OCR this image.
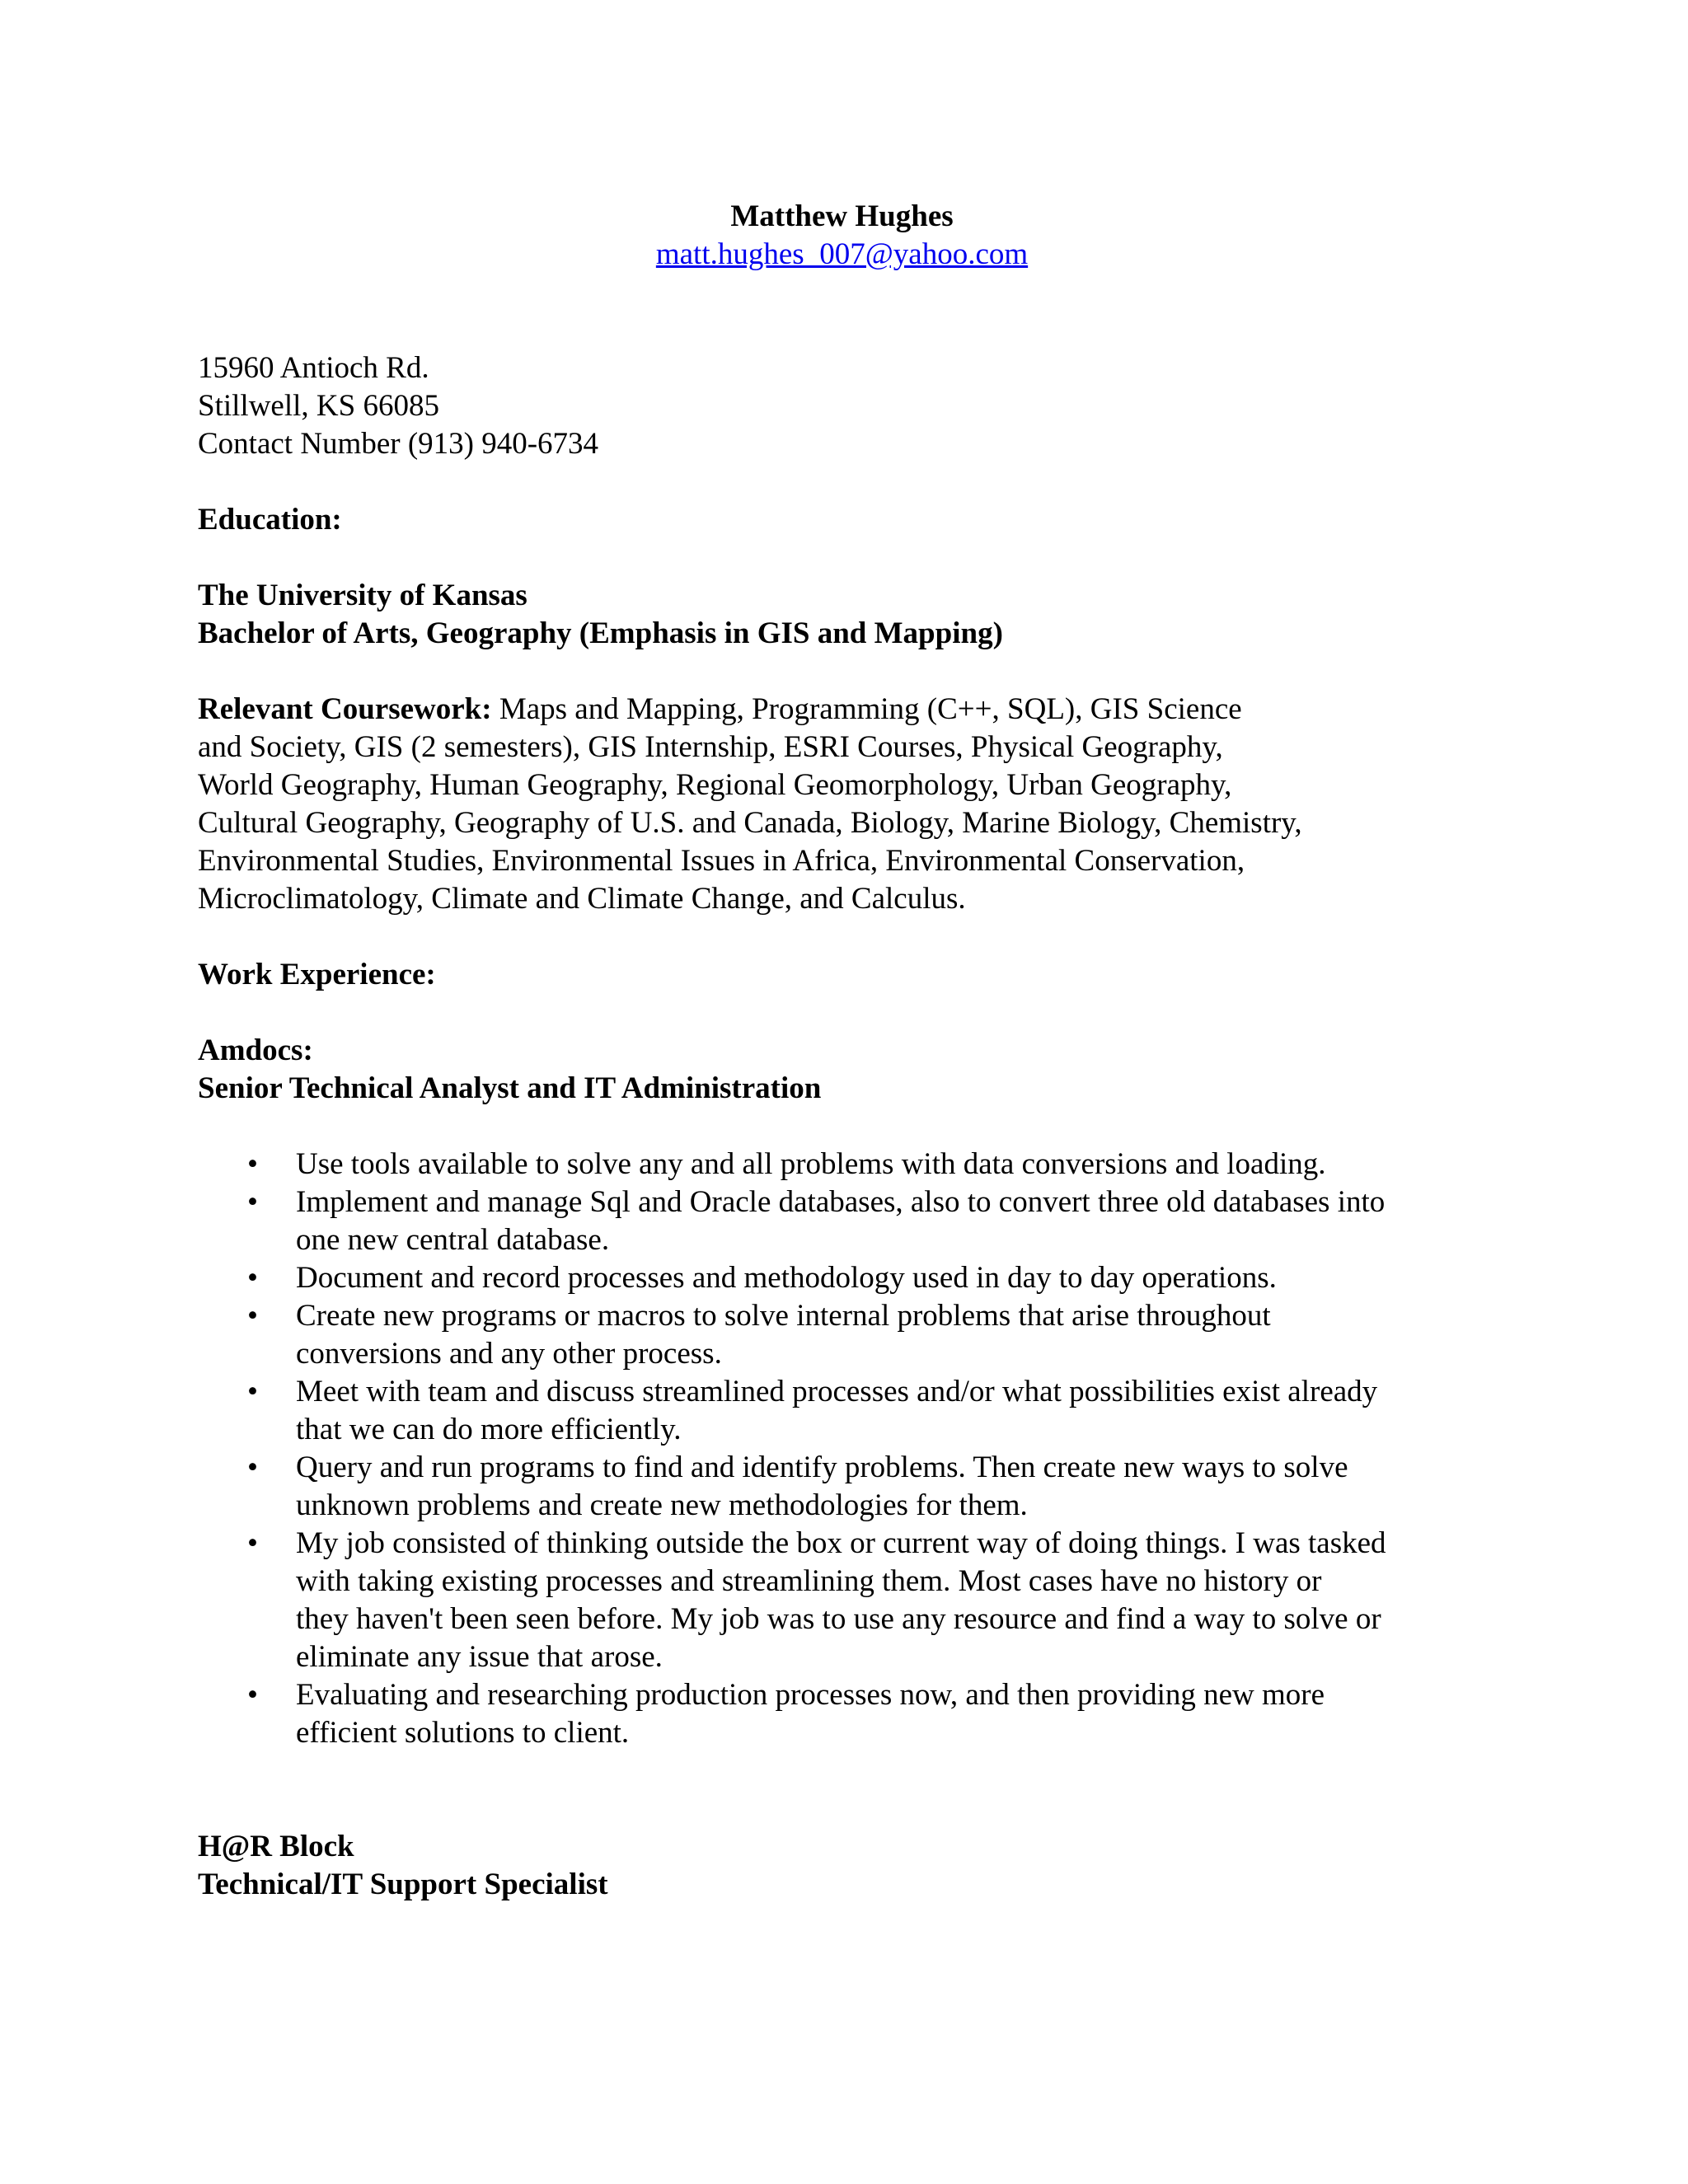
Matthew Hughes
matt.hughes_007@yahoo.com
15960 Antioch Rd.
Stillwell, KS 66085
Contact Number (913) 940-6734
Education:
The University of Kansas
Bachelor of Arts, Geography (Emphasis in GIS and Mapping)
Relevant Coursework: Maps and Mapping, Programming (C++, SQL), GIS Science
and Society, GIS (2 semesters), GIS Internship, ESRI Courses, Physical Geography,
World Geography, Human Geography, Regional Geomorphology, Urban Geography,
Cultural Geography, Geography of U.S. and Canada, Biology, Marine Biology, Chemistry,
Environmental Studies, Environmental Issues in Africa, Environmental Conservation,
Microclimatology, Climate and Climate Change, and Calculus.
Work Experience:
Amdocs:
Senior Technical Analyst and IT Administration
• Use tools available to solve any and all problems with data conversions and loading.
• Implement and manage Sql and Oracle databases, also to convert three old databases into
one new central database.
• Document and record processes and methodology used in day to day operations.
• Create new programs or macros to solve internal problems that arise throughout
conversions and any other process.
• Meet with team and discuss streamlined processes and/or what possibilities exist already
that we can do more efficiently.
• Query and run programs to find and identify problems. Then create new ways to solve
unknown problems and create new methodologies for them.
• My job consisted of thinking outside the box or current way of doing things. I was tasked
with taking existing processes and streamlining them. Most cases have no history or
they haven't been seen before. My job was to use any resource and find a way to solve or
eliminate any issue that arose.
• Evaluating and researching production processes now, and then providing new more
efficient solutions to client.
H@R Block
Technical/IT Support Specialist
